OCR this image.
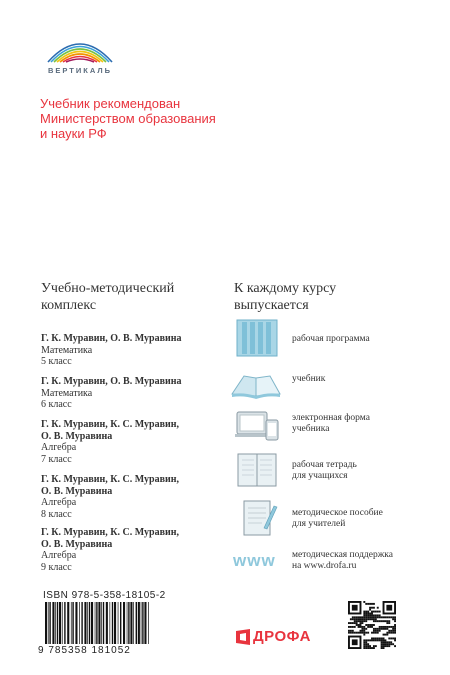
ВЕРТИКАЛЬ
Учебник рекомендован
Министерством образования
и науки РФ
Учебно-методический
комплекс
Г. К. Муравин, О. В. Муравина
Математика
5 класс
Г. К. Муравин, О. В. Муравина
Математика
6 класс
Г. К. Муравин, К. С. Муравин,
О. В. Муравина
Алгебра
7 класс
Г. К. Муравин, К. С. Муравин,
О. В. Муравина
Алгебра
8 класс
Г. К. Муравин, К. С. Муравин,
О. В. Муравина
Алгебра
9 класс
К каждому курсу
выпускается
рабочая программа
учебник
электронная форма
учебника
рабочая тетрадь
для учащихся
методическое пособие
для учителей
www методическая поддержка
на www.drofa.ru
ISBN 978-5-358-18105-2
9 785358 181052
ДРОФА
